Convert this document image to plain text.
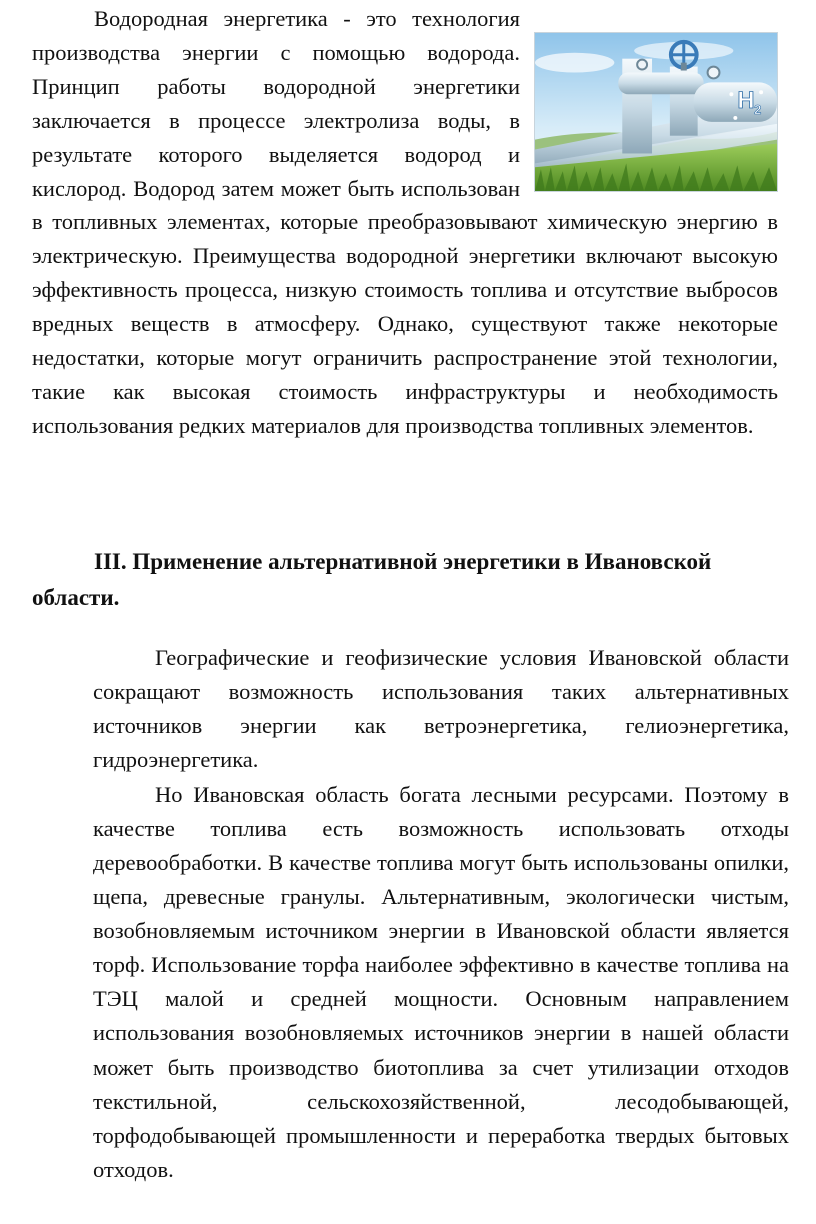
H 2
Водородная энергетика - это технология производства энергии с помощью водорода. Принцип работы водородной энергетики заключается в процессе электролиза воды, в результате которого выделяется водород и кислород. Водород затем может быть использован в топливных элементах, которые преобразовывают химическую энергию в электрическую. Преимущества водородной энергетики включают высокую эффективность процесса, низкую стоимость топлива и отсутствие выбросов вредных веществ в атмосферу. Однако, существуют также некоторые недостатки, которые могут ограничить распространение этой технологии, такие как высокая стоимость инфраструктуры и необходимость использования редких материалов для производства топливных элементов.
III. Применение альтернативной энергетики в Ивановской области.

Географические и геофизические условия Ивановской области сокращают возможность использования таких альтернативных источников энергии как ветроэнергетика, гелиоэнергетика, гидроэнергетика.

Но Ивановская область богата лесными ресурсами. Поэтому в качестве топлива есть возможность использовать отходы деревообработки. В качестве топлива могут быть использованы опилки, щепа, древесные гранулы. Альтернативным, экологически чистым, возобновляемым источником энергии в Ивановской области является торф. Использование торфа наиболее эффективно в качестве топлива на ТЭЦ малой и средней мощности. Основным направлением использования возобновляемых источников энергии в нашей области может быть производство биотоплива за счет утилизации отходов текстильной, сельскохозяйственной, лесодобывающей, торфодобывающей промышленности и переработка твердых бытовых отходов.
